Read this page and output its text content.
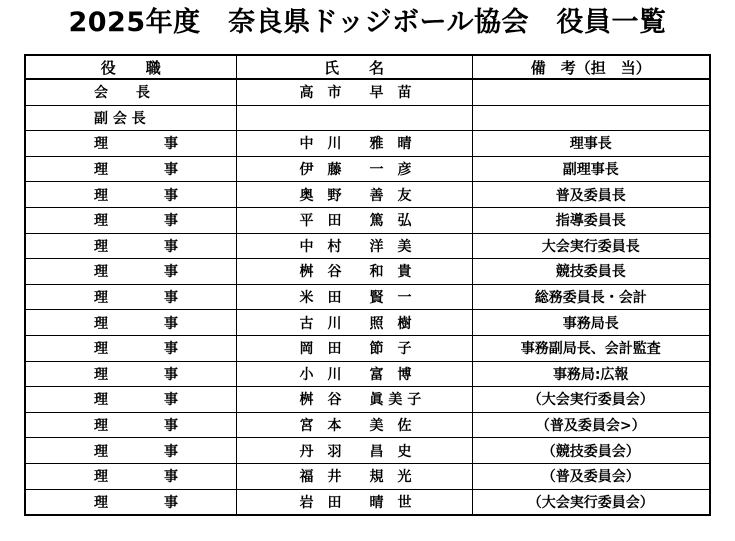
2025年度　奈良県ドッジボール協会　役員一覧
役　　職	氏　　名	備　考（担　当）
会　　長	高　市　　早　苗	
副 会 長		
理　　　　事	中　川　　雅　晴	理事長
理　　　　事	伊　藤　　一　彦	副理事長
理　　　　事	奥　野　　善　友	普及委員長
理　　　　事	平　田　　篤　弘	指導委員長
理　　　　事	中　村　　洋　美	大会実行委員長
理　　　　事	桝　谷　　和　貴	競技委員長
理　　　　事	米　田　　賢　一	総務委員長・会計
理　　　　事	古　川　　照　樹	事務局長
理　　　　事	岡　田　　節　子	事務副局長、会計監査
理　　　　事	小　川　　富　博	事務局:広報
理　　　　事	桝　谷　　眞 美 子	（大会実行委員会）
理　　　　事	宮　本　　美　佐	（普及委員会>）
理　　　　事	丹　羽　　昌　史	（競技委員会）
理　　　　事	福　井　　規　光	（普及委員会）
理　　　　事	岩　田　　晴　世	（大会実行委員会）
